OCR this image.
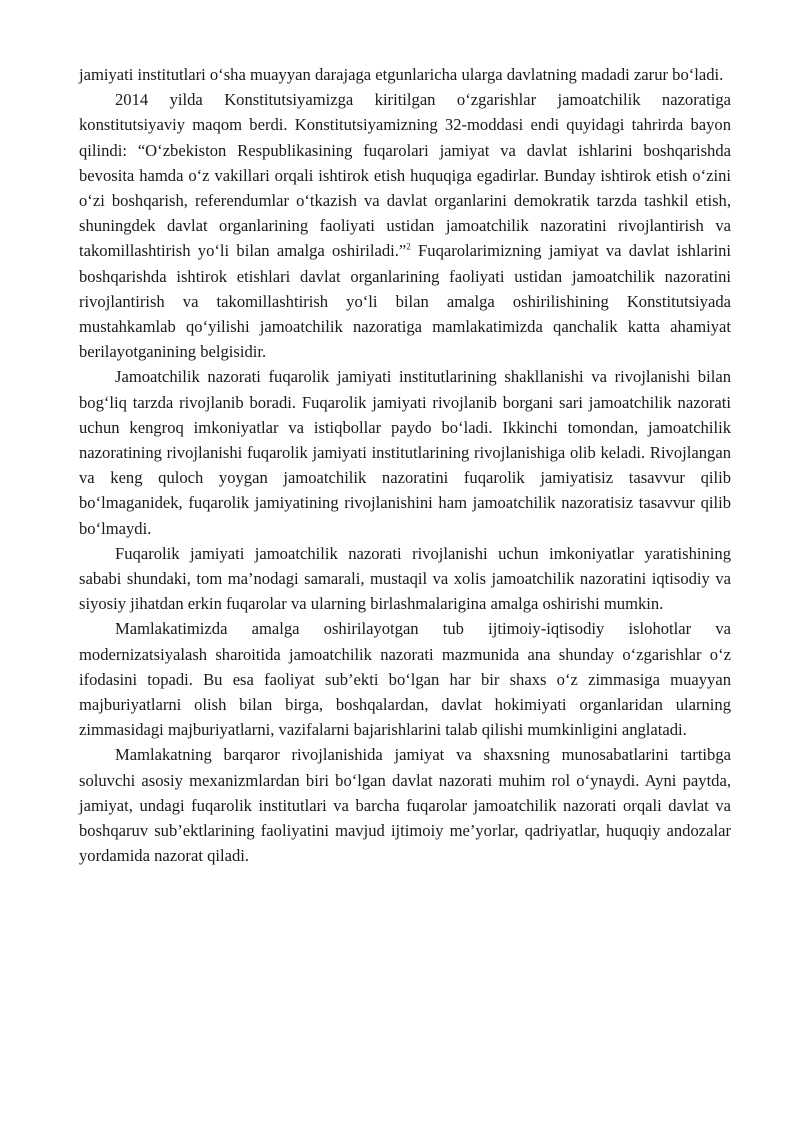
jamiyati institutlari o‘sha muayyan darajaga etgunlaricha ularga davlatning madadi zarur bo‘ladi.

2014 yilda Konstitutsiyamizga kiritilgan o‘zgarishlar jamoatchilik nazoratiga konstitutsiyaviy maqom berdi. Konstitutsiyamizning 32-moddasi endi quyidagi tahrirda bayon qilindi: “O‘zbekiston Respublikasining fuqarolari jamiyat va davlat ishlarini boshqarishda bevosita hamda o‘z vakillari orqali ishtirok etish huquqiga egadirlar. Bunday ishtirok etish o‘zini o‘zi boshqarish, referendumlar o‘tkazish va davlat organlarini demokratik tarzda tashkil etish, shuningdek davlat organlarining faoliyati ustidan jamoatchilik nazoratini rivojlantirish va takomillashtirish yo‘li bilan amalga oshiriladi.”$^2$ Fuqarolarimizning jamiyat va davlat ishlarini boshqarishda ishtirok etishlari davlat organlarining faoliyati ustidan jamoatchilik nazoratini rivojlantirish va takomillashtirish yo‘li bilan amalga oshirilishining Konstitutsiyada mustahkamlab qo‘yilishi jamoatchilik nazoratiga mamlakatimizda qanchalik katta ahamiyat berilayotganining belgisidir.

Jamoatchilik nazorati fuqarolik jamiyati institutlarining shakllanishi va rivojlanishi bilan bog‘liq tarzda rivojlanib boradi. Fuqarolik jamiyati rivojlanib borgani sari jamoatchilik nazorati uchun kengroq imkoniyatlar va istiqbollar paydo bo‘ladi. Ikkinchi tomondan, jamoatchilik nazoratining rivojlanishi fuqarolik jamiyati institutlarining rivojlanishiga olib keladi. Rivojlangan va keng quloch yoygan jamoatchilik nazoratini fuqarolik jamiyatisiz tasavvur qilib bo‘lmaganidek, fuqarolik jamiyatining rivojlanishini ham jamoatchilik nazoratisiz tasavvur qilib bo‘lmaydi.

Fuqarolik jamiyati jamoatchilik nazorati rivojlanishi uchun imkoniyatlar yaratishining sababi shundaki, tom ma’nodagi samarali, mustaqil va xolis jamoatchilik nazoratini iqtisodiy va siyosiy jihatdan erkin fuqarolar va ularning birlashmalarigina amalga oshirishi mumkin.

Mamlakatimizda amalga oshirilayotgan tub ijtimoiy-iqtisodiy islohotlar va modernizatsiyalash sharoitida jamoatchilik nazorati mazmunida ana shunday o‘zgarishlar o‘z ifodasini topadi. Bu esa faoliyat sub’ekti bo‘lgan har bir shaxs o‘z zimmasiga muayyan majburiyatlarni olish bilan birga, boshqalardan, davlat hokimiyati organlaridan ularning zimmasidagi majburiyatlarni, vazifalarni bajarishlarini talab qilishi mumkinligini anglatadi.

Mamlakatning barqaror rivojlanishida jamiyat va shaxsning munosabatlarini tartibga soluvchi asosiy mexanizmlardan biri bo‘lgan davlat nazorati muhim rol o‘ynaydi. Ayni paytda, jamiyat, undagi fuqarolik institutlari va barcha fuqarolar jamoatchilik nazorati orqali davlat va boshqaruv sub’ektlarining faoliyatini mavjud ijtimoiy me’yorlar, qadriyatlar, huquqiy andozalar yordamida nazorat qiladi.
